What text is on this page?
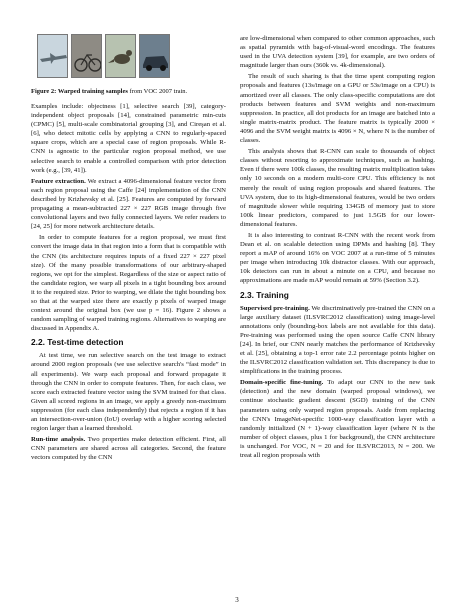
Figure 2: Warped training samples from VOC 2007 train.

Examples include: objectness [1], selective search [39], category-independent object proposals [14], constrained parametric min-cuts (CPMC) [5], multi-scale combinatorial grouping [3], and Cireşan et al. [6], who detect mitotic cells by applying a CNN to regularly-spaced square crops, which are a special case of region proposals. While R-CNN is agnostic to the particular region proposal method, we use selective search to enable a controlled comparison with prior detection work (e.g., [39, 41]).

Feature extraction. We extract a 4096-dimensional feature vector from each region proposal using the Caffe [24] implementation of the CNN described by Krizhevsky et al. [25]. Features are computed by forward propagating a mean-subtracted 227 × 227 RGB image through five convolutional layers and two fully connected layers. We refer readers to [24, 25] for more network architecture details.

In order to compute features for a region proposal, we must first convert the image data in that region into a form that is compatible with the CNN (its architecture requires inputs of a fixed 227 × 227 pixel size). Of the many possible transformations of our arbitrary-shaped regions, we opt for the simplest. Regardless of the size or aspect ratio of the candidate region, we warp all pixels in a tight bounding box around it to the required size. Prior to warping, we dilate the tight bounding box so that at the warped size there are exactly p pixels of warped image context around the original box (we use p = 16). Figure 2 shows a random sampling of warped training regions. Alternatives to warping are discussed in Appendix A.

2.2. Test-time detection

At test time, we run selective search on the test image to extract around 2000 region proposals (we use selective search's “fast mode” in all experiments). We warp each proposal and forward propagate it through the CNN in order to compute features. Then, for each class, we score each extracted feature vector using the SVM trained for that class. Given all scored regions in an image, we apply a greedy non-maximum suppression (for each class independently) that rejects a region if it has an intersection-over-union (IoU) overlap with a higher scoring selected region larger than a learned threshold.

Run-time analysis. Two properties make detection efficient. First, all CNN parameters are shared across all categories. Second, the feature vectors computed by the CNN

are low-dimensional when compared to other common approaches, such as spatial pyramids with bag-of-visual-word encodings. The features used in the UVA detection system [39], for example, are two orders of magnitude larger than ours (360k vs. 4k-dimensional).

The result of such sharing is that the time spent computing region proposals and features (13s/image on a GPU or 53s/image on a CPU) is amortized over all classes. The only class-specific computations are dot products between features and SVM weights and non-maximum suppression. In practice, all dot products for an image are batched into a single matrix-matrix product. The feature matrix is typically 2000 × 4096 and the SVM weight matrix is 4096 × N, where N is the number of classes.

This analysis shows that R-CNN can scale to thousands of object classes without resorting to approximate techniques, such as hashing. Even if there were 100k classes, the resulting matrix multiplication takes only 10 seconds on a modern multi-core CPU. This efficiency is not merely the result of using region proposals and shared features. The UVA system, due to its high-dimensional features, would be two orders of magnitude slower while requiring 134GB of memory just to store 100k linear predictors, compared to just 1.5GB for our lower-dimensional features.

It is also interesting to contrast R-CNN with the recent work from Dean et al. on scalable detection using DPMs and hashing [8]. They report a mAP of around 16% on VOC 2007 at a run-time of 5 minutes per image when introducing 10k distractor classes. With our approach, 10k detectors can run in about a minute on a CPU, and because no approximations are made mAP would remain at 59% (Section 3.2).

2.3. Training

Supervised pre-training. We discriminatively pre-trained the CNN on a large auxiliary dataset (ILSVRC2012 classification) using image-level annotations only (bounding-box labels are not available for this data). Pre-training was performed using the open source Caffe CNN library [24]. In brief, our CNN nearly matches the performance of Krizhevsky et al. [25], obtaining a top-1 error rate 2.2 percentage points higher on the ILSVRC2012 classification validation set. This discrepancy is due to simplifications in the training process.

Domain-specific fine-tuning. To adapt our CNN to the new task (detection) and the new domain (warped proposal windows), we continue stochastic gradient descent (SGD) training of the CNN parameters using only warped region proposals. Aside from replacing the CNN's ImageNet-specific 1000-way classification layer with a randomly initialized (N + 1)-way classification layer (where N is the number of object classes, plus 1 for background), the CNN architecture is unchanged. For VOC, N = 20 and for ILSVRC2013, N = 200. We treat all region proposals with

3
